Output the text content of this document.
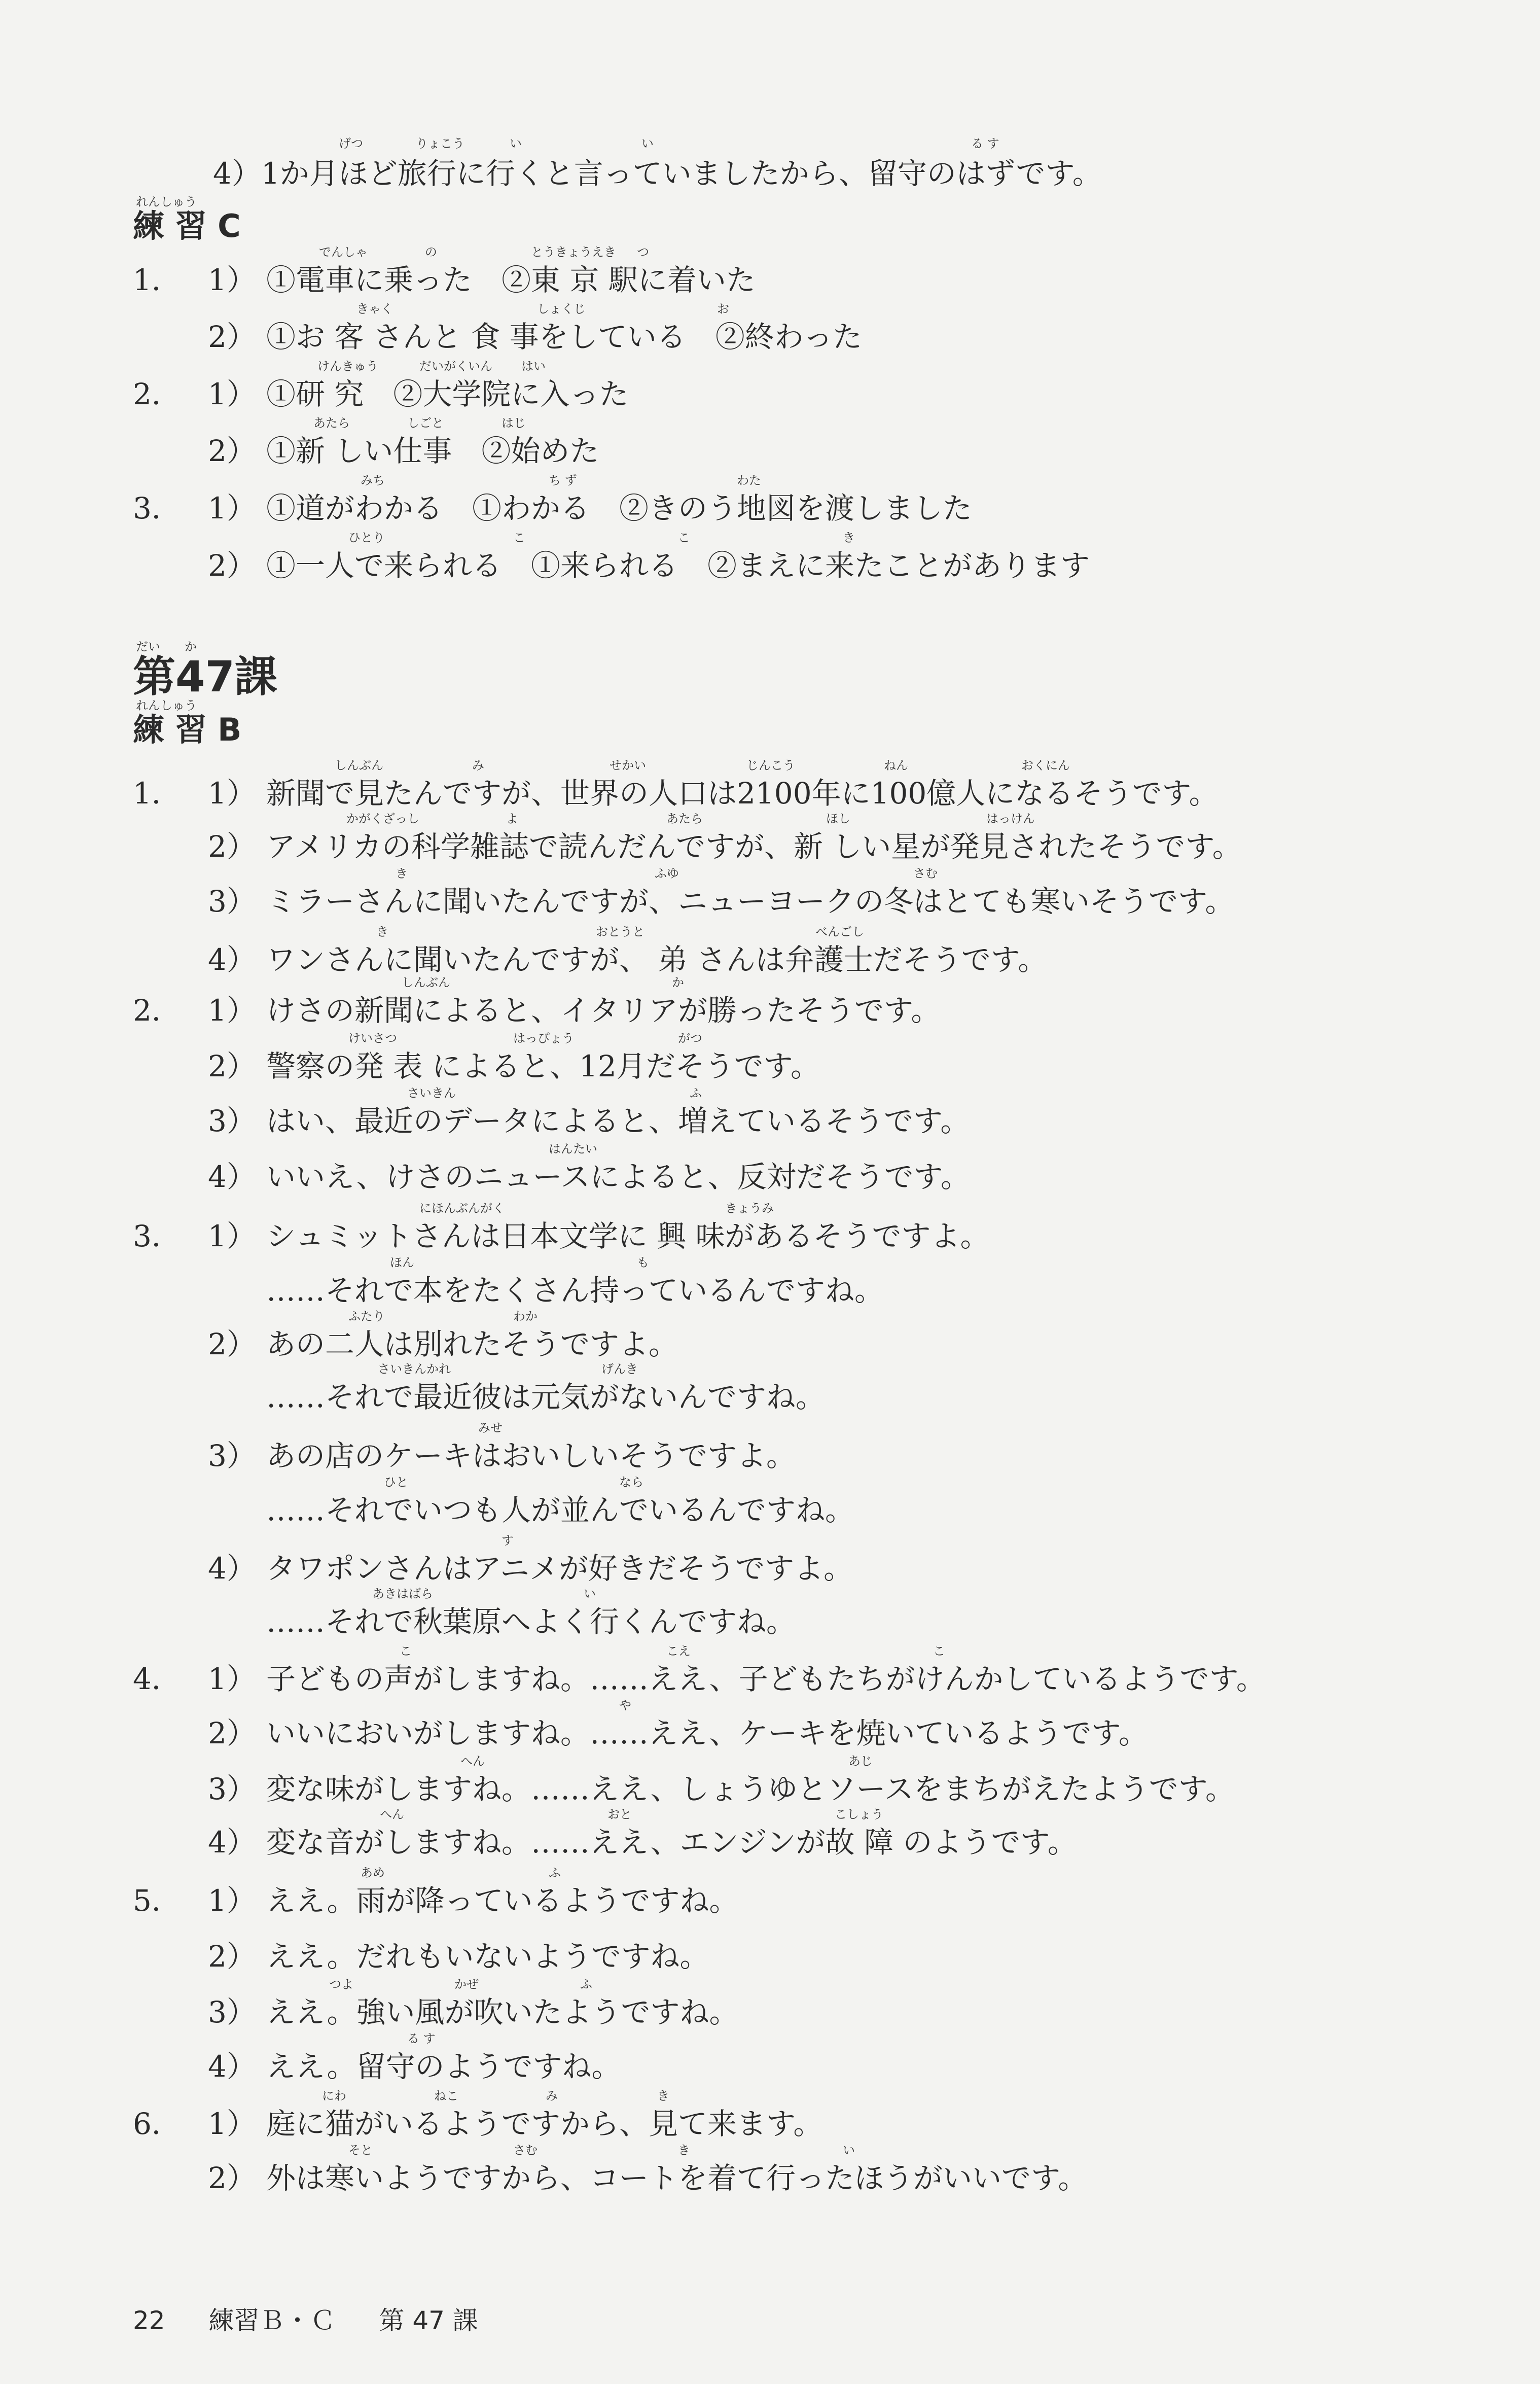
4）1か月ほど旅行に行くと言っていましたから、留守のはずです。
げつ	りょこう	い	い	る す
れんしゅう
練 習 C
1． 1） ①電車に乗った　②東 京 駅に着いた
でんしゃ	の	とうきょうえき つ
2） ①お 客 さんと 食 事をしている　②終わった
きゃく	しょくじ	お
2． 1） ①研 究　②大学院に入った
けんきゅう	だいがくいん はい
2） ①新 しい仕事　②始めた
あたら	しごと	はじ
3． 1） ①道がわかる　①わかる　②きのう地図を渡しました
みち	ち ず	わた
2） ①一人で来られる　①来られる　②まえに来たことがあります
ひとり	こ	こ	き
だい　　か
第47課
れんしゅう
練 習 B
1． 1） 新聞で見たんですが、世界の人口は2100年に100億人になるそうです。
しんぶん	み	せかい	じんこう	ねん	おくにん
2） アメリカの科学雑誌で読んだんですが、新 しい星が発見されたそうです。
かがくざっし	よ	あたら	ほし	はっけん
3） ミラーさんに聞いたんですが、ニューヨークの冬はとても寒いそうです。
き	ふゆ	さむ
4） ワンさんに聞いたんですが、 弟 さんは弁護士だそうです。
き	おとうと	べんごし
2． 1） けさの新聞によると、イタリアが勝ったそうです。
しんぶん	か
2） 警察の発 表 によると、12月だそうです。
けいさつ	はっぴょう	がつ
3） はい、最近のデータによると、増えているそうです。
さいきん	ふ
4） いいえ、けさのニュースによると、反対だそうです。
はんたい
3． 1） シュミットさんは日本文学に 興 味があるそうですよ。
にほんぶんがく	きょうみ
……それで本をたくさん持っているんですね。
ほん	も
2） あの二人は別れたそうですよ。
ふたり	わか
……それで最近彼は元気がないんですね。
さいきんかれ	げんき
3） あの店のケーキはおいしいそうですよ。
みせ
……それでいつも人が並んでいるんですね。
ひと	なら
4） タワポンさんはアニメが好きだそうですよ。
す
……それで秋葉原へよく行くんですね。
あきはばら	い
4． 1） 子どもの声がしますね。……ええ、子どもたちがけんかしているようです。
こ	こえ	こ
2） いいにおいがしますね。……ええ、ケーキを焼いているようです。
や
3） 変な味がしますね。……ええ、しょうゆとソースをまちがえたようです。
へん	あじ
4） 変な音がしますね。……ええ、エンジンが故 障 のようです。
へん	おと	こしょう
5． 1） ええ。雨が降っているようですね。
あめ	ふ
2） ええ。だれもいないようですね。
3） ええ。強い風が吹いたようですね。
つよ	かぜ	ふ
4） ええ。留守のようですね。
る す
6． 1） 庭に猫がいるようですから、見て来ます。
にわ	ねこ	み	き
2） 外は寒いようですから、コートを着て行ったほうがいいです。
そと	さむ	き	い
22 練習Ｂ・Ｃ 第 47 課
